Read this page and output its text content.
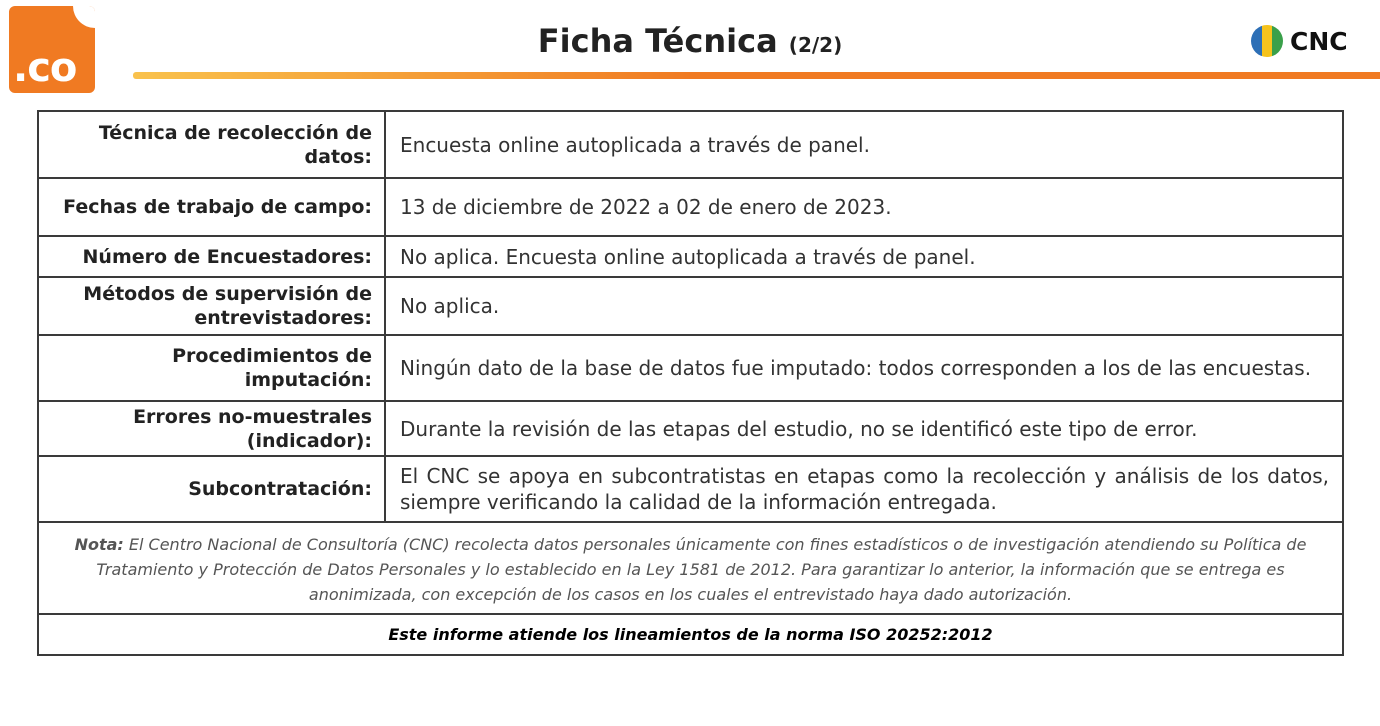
.co
Ficha Técnica (2/2)	CNC
Técnica de recolección de datos:	Encuesta online autoplicada a través de panel.
Fechas de trabajo de campo:	13 de diciembre de 2022 a 02 de enero de 2023.
Número de Encuestadores:	No aplica. Encuesta online autoplicada a través de panel.
Métodos de supervisión de entrevistadores:	No aplica.
Procedimientos de imputación:	Ningún dato de la base de datos fue imputado: todos corresponden a los de las encuestas.
Errores no-muestrales (indicador):	Durante la revisión de las etapas del estudio, no se identificó este tipo de error.
Subcontratación:	El CNC se apoya en subcontratistas en etapas como la recolección y análisis de los datos, siempre verificando la calidad de la información entregada.
Nota: El Centro Nacional de Consultoría (CNC) recolecta datos personales únicamente con fines estadísticos o de investigación atendiendo su Política de Tratamiento y Protección de Datos Personales y lo establecido en la Ley 1581 de 2012. Para garantizar lo anterior, la información que se entrega es anonimizada, con excepción de los casos en los cuales el entrevistado haya dado autorización.	
Este informe atiende los lineamientos de la norma ISO 20252:2012	
